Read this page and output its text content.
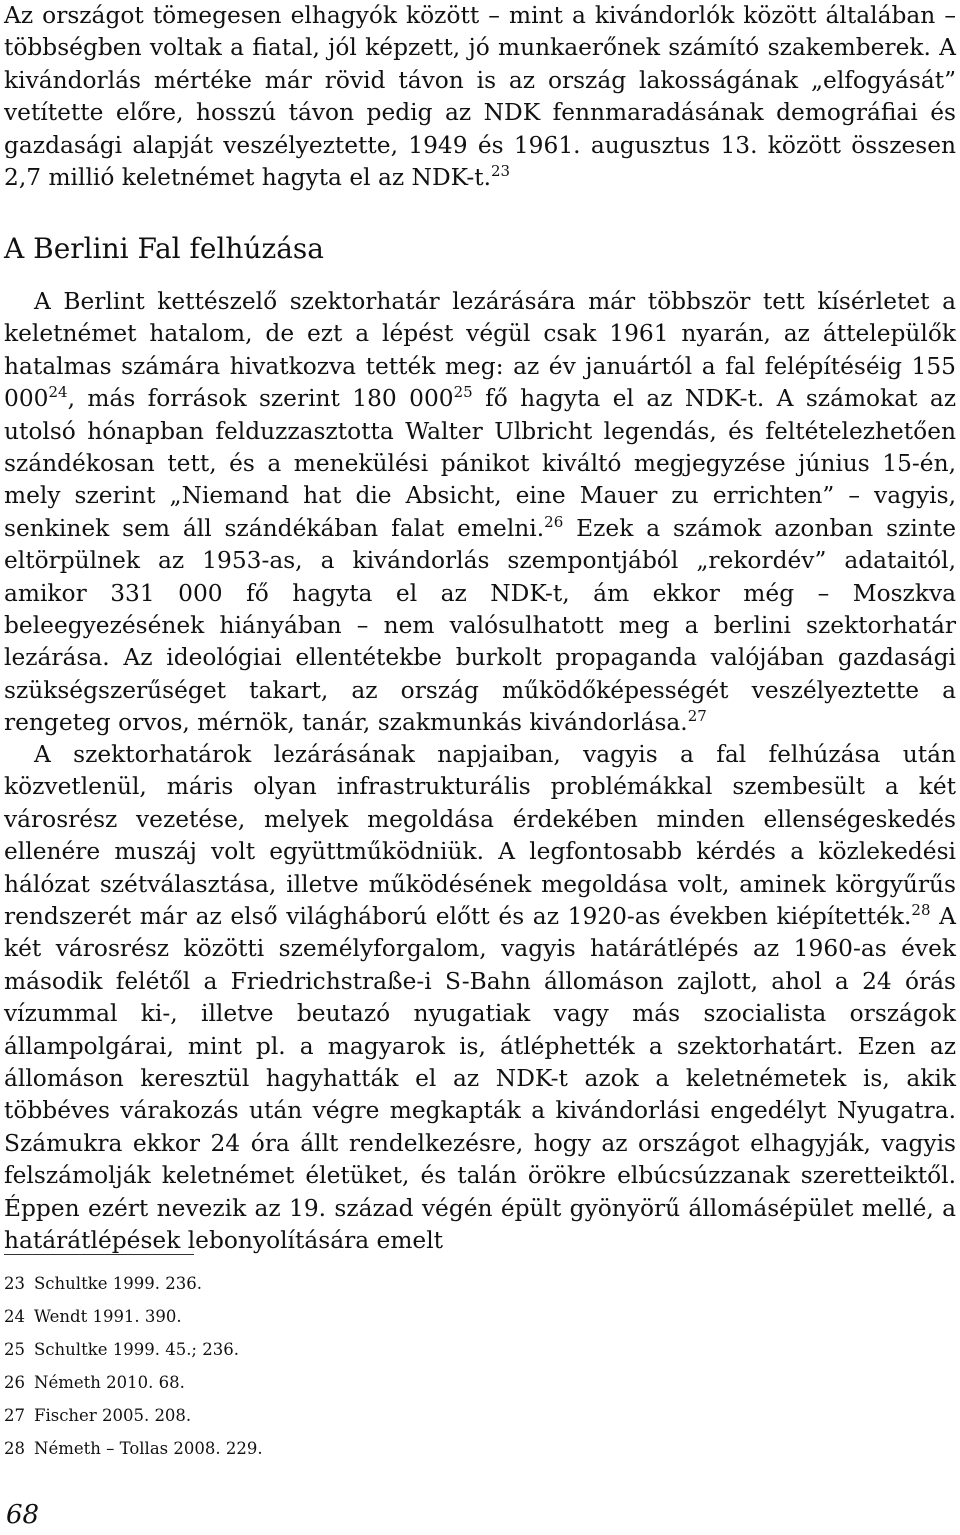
Az országot tömegesen elhagyók között – mint a kivándorlók között általában – többségben voltak a fiatal, jól képzett, jó munkaerőnek számító szakemberek. A kivándorlás mértéke már rövid távon is az ország lakosságának „elfogyását” vetítette előre, hosszú távon pedig az NDK fennmaradásának demográfiai és gazdasági alapját veszélyeztette, 1949 és 1961. augusztus 13. között összesen 2,7 millió keletnémet hagyta el az NDK-t.$^{23}$

A Berlini Fal felhúzása

A Berlint kettészelő szektorhatár lezárására már többször tett kísérletet a keletnémet hatalom, de ezt a lépést végül csak 1961 nyarán, az áttelepülők hatalmas számára hivatkozva tették meg: az év januártól a fal felépítéséig 155 $000^{24}$, más források szerint 180 $000^{25}$ fő hagyta el az NDK-t. A számokat az utolsó hónapban felduzzasztotta Walter Ulbricht legendás, és feltételezhetően szándékosan tett, és a menekülési pánikot kiváltó megjegyzése június 15-én, mely szerint „Niemand hat die Absicht, eine Mauer zu errichten” – vagyis, senkinek sem áll szándékában falat emelni.$^{26}$ Ezek a számok azonban szinte eltörpülnek az 1953-as, a kivándorlás szempontjából „rekordév” adataitól, amikor 331 000 fő hagyta el az NDK-t, ám ekkor még – Moszkva beleegyezésének hiányában – nem valósulhatott meg a berlini szektorhatár lezárása. Az ideológiai ellentétekbe burkolt propaganda valójában gazdasági szükségszerűséget takart, az ország működőképességét veszélyeztette a rengeteg orvos, mérnök, tanár, szakmunkás kivándorlása.$^{27}$

A szektorhatárok lezárásának napjaiban, vagyis a fal felhúzása után közvetlenül, máris olyan infrastrukturális problémákkal szembesült a két városrész vezetése, melyek megoldása érdekében minden ellenségeskedés ellenére muszáj volt együttműködniük. A legfontosabb kérdés a közlekedési hálózat szétválasztása, illetve működésének megoldása volt, aminek körgyűrűs rendszerét már az első világháború előtt és az 1920-as években kiépítették.$^{28}$ A két városrész közötti személyforgalom, vagyis határátlépés az 1960-as évek második felétől a Friedrichstraße-i S-Bahn állomáson zajlott, ahol a 24 órás vízummal ki-, illetve beutazó nyugatiak vagy más szocialista országok állampolgárai, mint pl. a magyarok is, átléphették a szektorhatárt. Ezen az állomáson keresztül hagyhatták el az NDK-t azok a keletnémetek is, akik többéves várakozás után végre megkapták a kivándorlási engedélyt Nyugatra. Számukra ekkor 24 óra állt rendelkezésre, hogy az országot elhagyják, vagyis felszámolják keletnémet életüket, és talán örökre elbúcsúzzanak szeretteiktől. Éppen ezért nevezik az 19. század végén épült gyönyörű állomásépület mellé, a határátlépések lebonyolítására emelt

23 Schultke 1999. 236.
24 Wendt 1991. 390.
25 Schultke 1999. 45.; 236.
26 Németh 2010. 68.
27 Fischer 2005. 208.
28 Németh – Tollas 2008. 229.
68
